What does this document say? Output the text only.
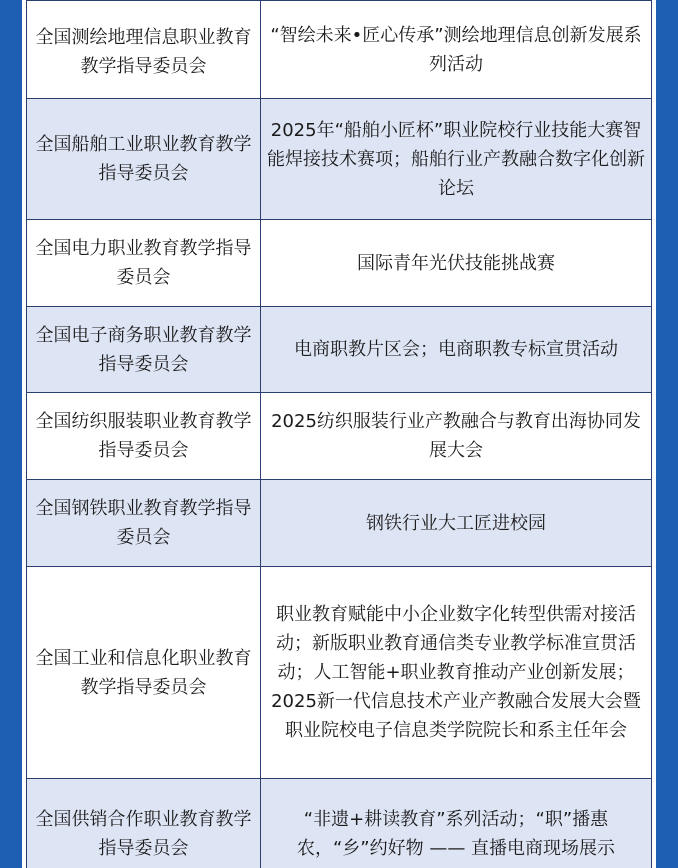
全国测绘地理信息职业教育教学指导委员会	“智绘未来•匠心传承”测绘地理信息创新发展系列活动
全国船舶工业职业教育教学指导委员会	2025年“船舶小匠杯”职业院校行业技能大赛智能焊接技术赛项；船舶行业产教融合数字化创新论坛
全国电力职业教育教学指导委员会	国际青年光伏技能挑战赛
全国电子商务职业教育教学指导委员会	电商职教片区会；电商职教专标宣贯活动
全国纺织服装职业教育教学指导委员会	2025纺织服装行业产教融合与教育出海协同发展大会
全国钢铁职业教育教学指导委员会	钢铁行业大工匠进校园
全国工业和信息化职业教育教学指导委员会	职业教育赋能中小企业数字化转型供需对接活动；新版职业教育通信类专业教学标准宣贯活动；人工智能+职业教育推动产业创新发展；2025新一代信息技术产业产教融合发展大会暨职业院校电子信息类学院院长和系主任年会
全国供销合作职业教育教学指导委员会	“非遗+耕读教育”系列活动；“职”播惠农，“乡”约好物 —— 直播电商现场展示
